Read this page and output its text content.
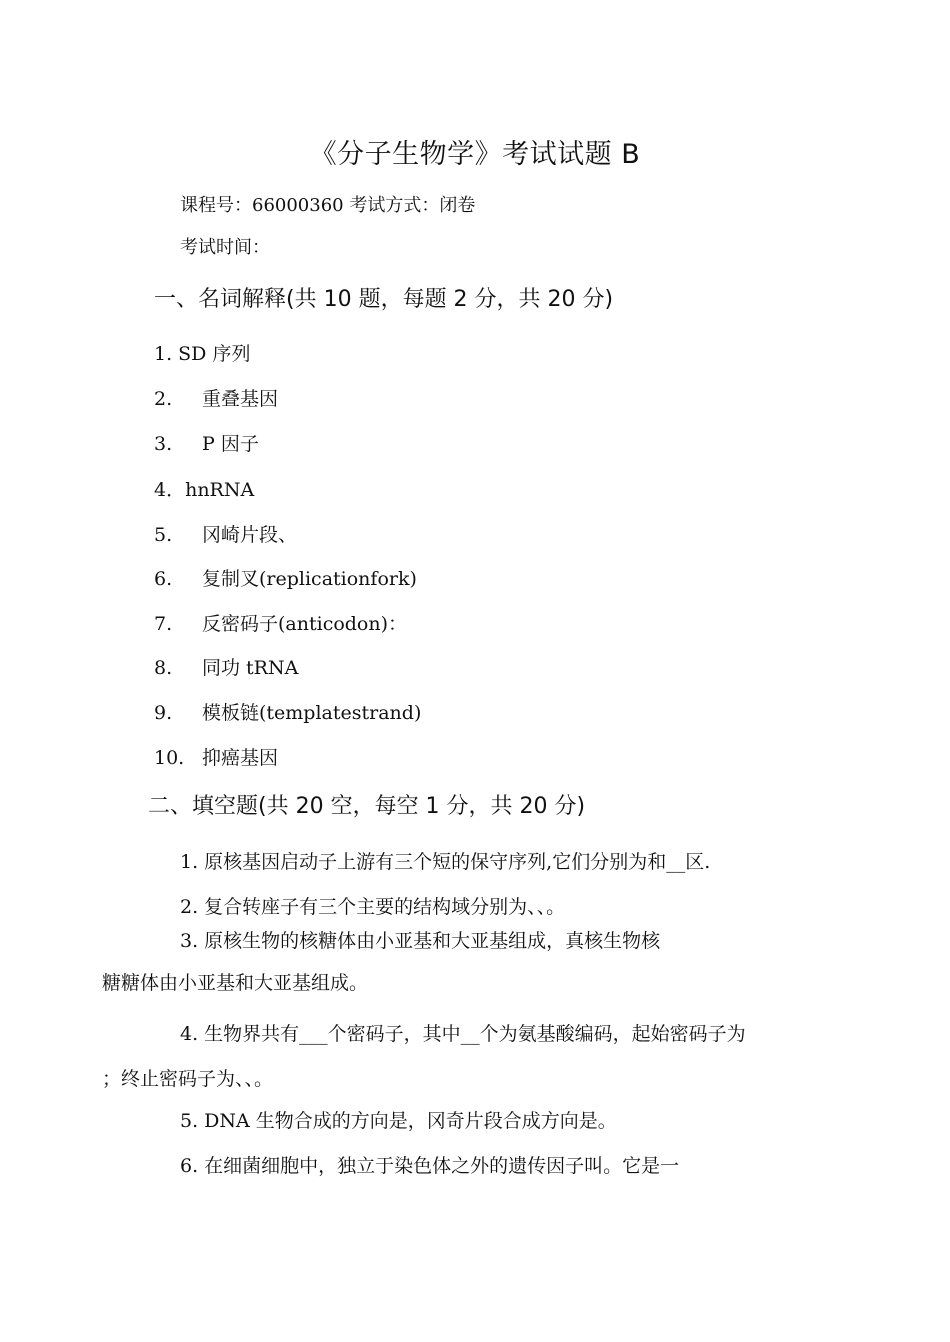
《分子生物学》考试试题 B
课程号：66000360 考试方式：闭卷
考试时间：
一、名词解释(共 10 题，每题 2 分，共 20 分)
1. SD 序列
2. 重叠基因
3. P 因子
4．hnRNA
5. 冈崎片段、
6. 复制叉(replicationfork)
7. 反密码子(anticodon)：
8. 同功 tRNA
9. 模板链(templatestrand)
10. 抑癌基因
二、填空题(共 20 空，每空 1 分，共 20 分)
1. 原核基因启动子上游有三个短的保守序列,它们分别为和__区.
2. 复合转座子有三个主要的结构域分别为、、。
3. 原核生物的核糖体由小亚基和大亚基组成，真核生物核
糖糖体由小亚基和大亚基组成。
4. 生物界共有___个密码子，其中__个为氨基酸编码，起始密码子为
；终止密码子为、、。
5. DNA 生物合成的方向是，冈奇片段合成方向是。
6. 在细菌细胞中，独立于染色体之外的遗传因子叫。它是一
